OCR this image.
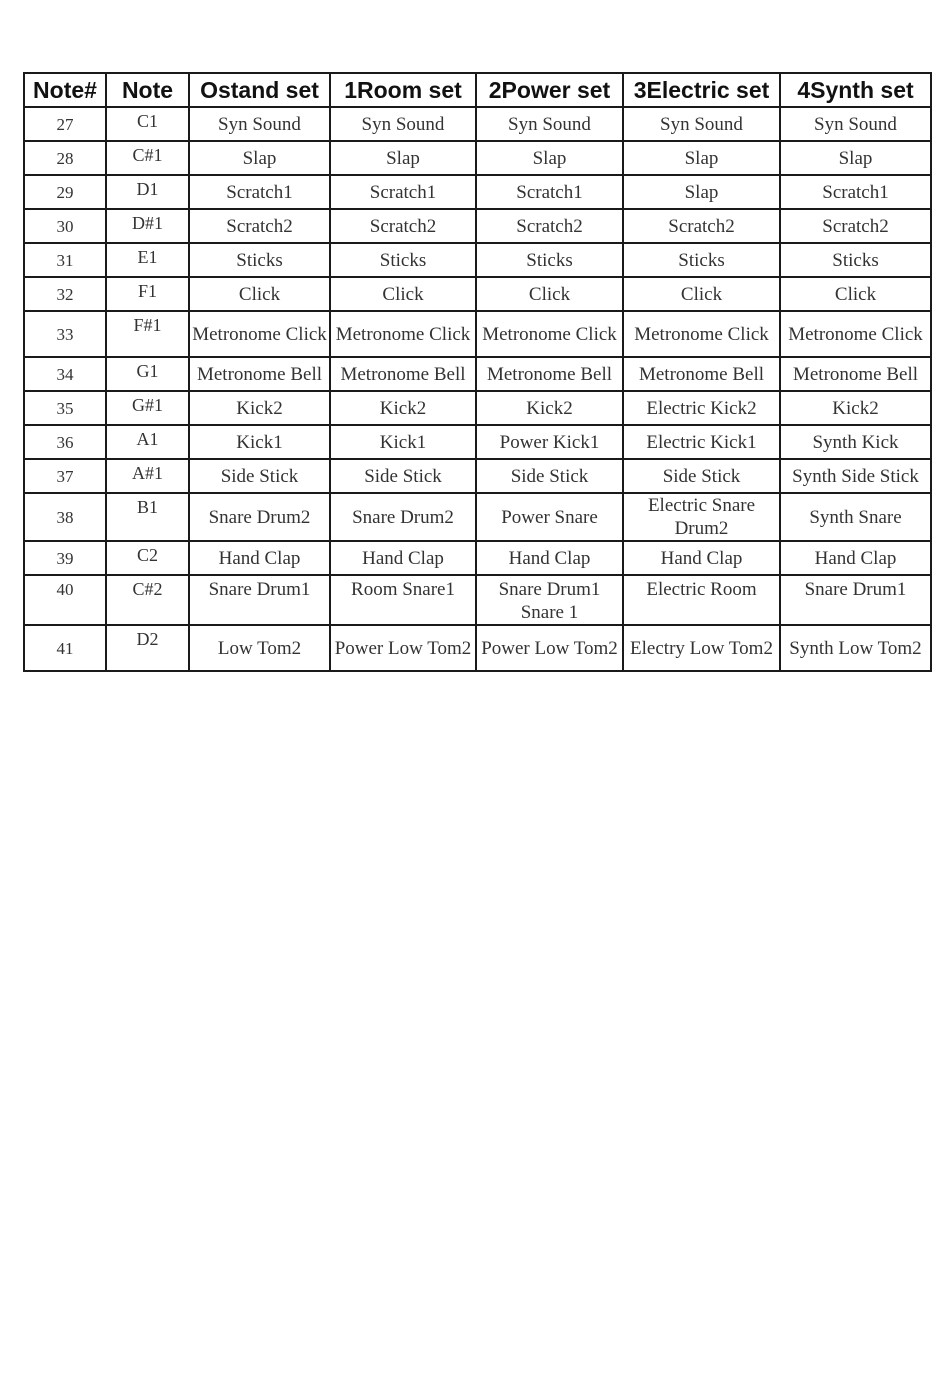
Note#	Note	Ostand set	1Room set	2Power set	3Electric set	4Synth set
27	C1	Syn Sound	Syn Sound	Syn Sound	Syn Sound	Syn Sound
28	C#1	Slap	Slap	Slap	Slap	Slap
29	D1	Scratch1	Scratch1	Scratch1	Slap	Scratch1
30	D#1	Scratch2	Scratch2	Scratch2	Scratch2	Scratch2
31	E1	Sticks	Sticks	Sticks	Sticks	Sticks
32	F1	Click	Click	Click	Click	Click
33	F#1	Metronome Click	Metronome Click	Metronome Click	Metronome Click	Metronome Click
34	G1	Metronome Bell	Metronome Bell	Metronome Bell	Metronome Bell	Metronome Bell
35	G#1	Kick2	Kick2	Kick2	Electric Kick2	Kick2
36	A1	Kick1	Kick1	Power Kick1	Electric Kick1	Synth Kick
37	A#1	Side Stick	Side Stick	Side Stick	Side Stick	Synth Side Stick
38	B1	Snare Drum2	Snare Drum2	Power Snare	Electric Snare Drum2	Synth Snare
39	C2	Hand Clap	Hand Clap	Hand Clap	Hand Clap	Hand Clap
40	C#2	Snare Drum1	Room Snare1	Snare Drum1 Snare 1	Electric Room	Snare Drum1
41	D2	Low Tom2	Power Low Tom2	Power Low Tom2	Electry Low Tom2	Synth Low Tom2
